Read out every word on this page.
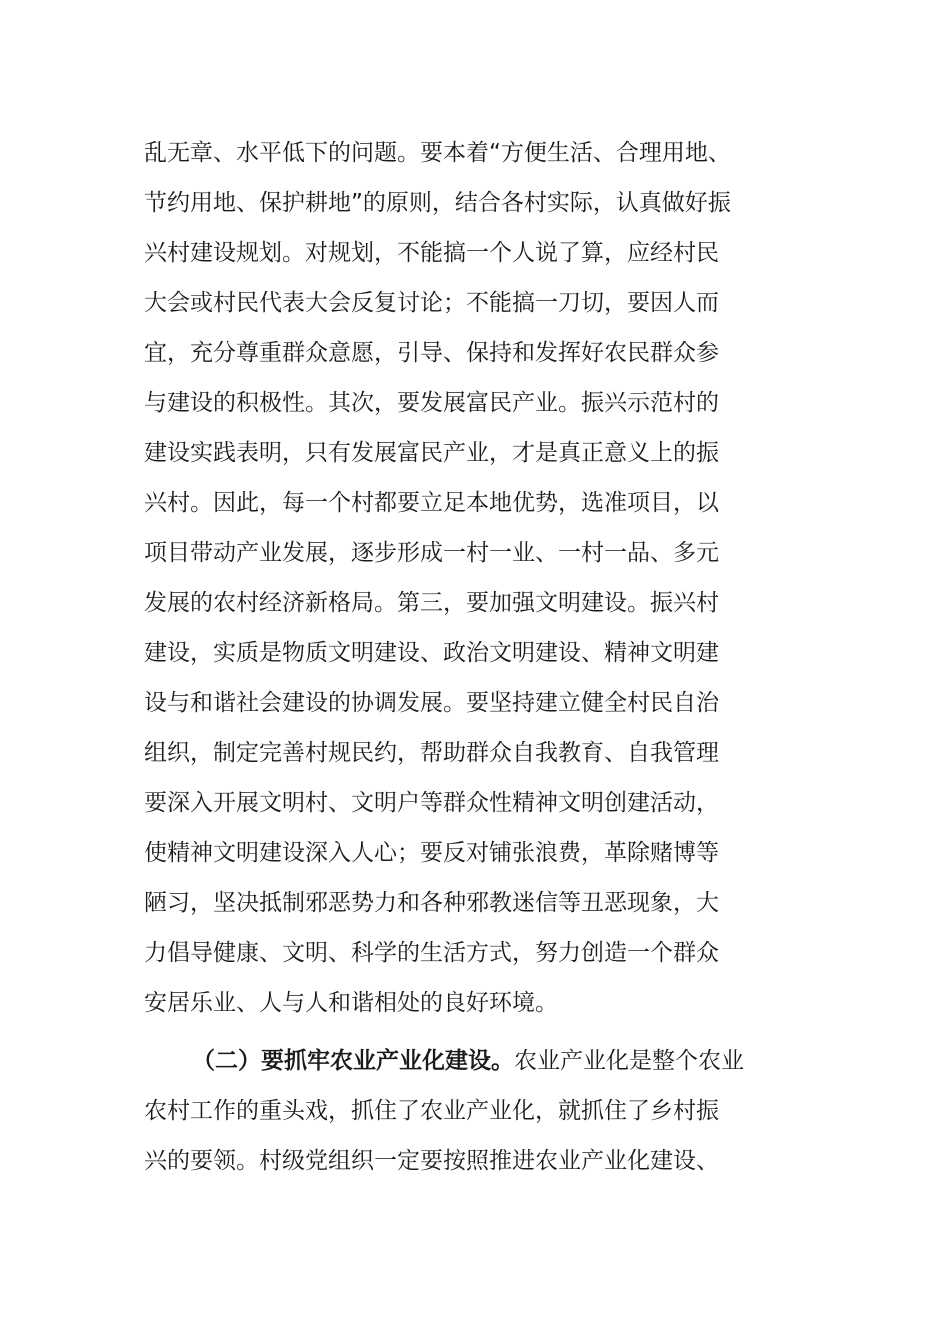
乱无章、水平低下的问题。要本着“方便生活、合理用地、
节约用地、保护耕地”的原则，结合各村实际，认真做好振
兴村建设规划。对规划，不能搞一个人说了算，应经村民
大会或村民代表大会反复讨论；不能搞一刀切，要因人而
宜，充分尊重群众意愿，引导、保持和发挥好农民群众参
与建设的积极性。其次，要发展富民产业。振兴示范村的
建设实践表明，只有发展富民产业，才是真正意义上的振
兴村。因此，每一个村都要立足本地优势，选准项目，以
项目带动产业发展，逐步形成一村一业、一村一品、多元
发展的农村经济新格局。第三，要加强文明建设。振兴村
建设，实质是物质文明建设、政治文明建设、精神文明建
设与和谐社会建设的协调发展。要坚持建立健全村民自治
组织，制定完善村规民约，帮助群众自我教育、自我管理
要深入开展文明村、文明户等群众性精神文明创建活动，
使精神文明建设深入人心；要反对铺张浪费，革除赌博等
陋习，坚决抵制邪恶势力和各种邪教迷信等丑恶现象，大
力倡导健康、文明、科学的生活方式，努力创造一个群众
安居乐业、人与人和谐相处的良好环境。
（二）要抓牢农业产业化建设。农业产业化是整个农业
农村工作的重头戏，抓住了农业产业化，就抓住了乡村振
兴的要领。村级党组织一定要按照推进农业产业化建设、
